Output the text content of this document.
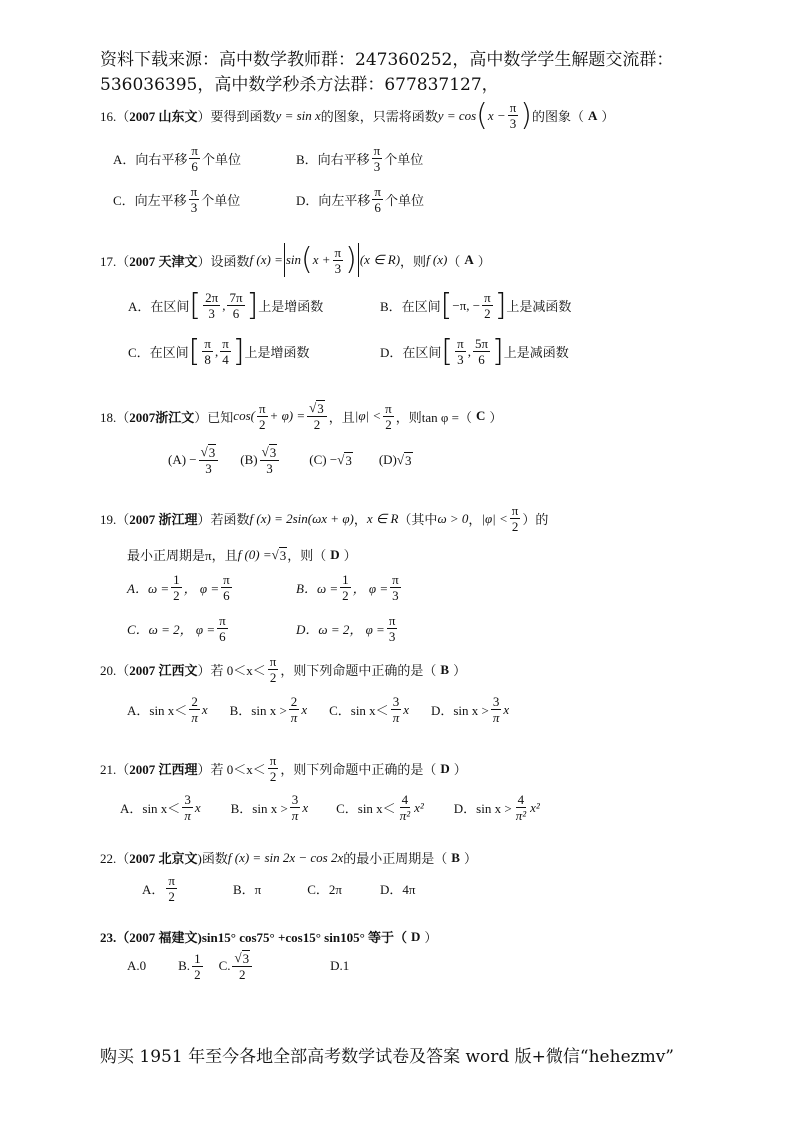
资料下载来源：高中数学教师群：247360252，高中数学学生解题交流群：
536036395，高中数学秒杀方法群：677837127，
16.（ 2007 山东文 ）要得到函数 y = sin x 的图象，只需将函数 y = cos ( $x - \frac{\pi}{3}$ ) 的图象（ A ）
A．向右平移 $\frac{\pi}{6}$ 个单位	B．向右平移 $\frac{\pi}{3}$ 个单位
C．向左平移 $\frac{\pi}{3}$ 个单位	D．向左平移 $\frac{\pi}{6}$ 个单位
17.（ 2007 天津文 ）设函数 f (x) = sin ( $x + \frac{\pi}{3}$ ) (x ∈ R) ，则 f (x) （ A ）
A．在区间 [ $\frac{2\pi}{3}$ , $\frac{7\pi}{6}$ ] 上是增函数	B．在区间 [ −π, − $\frac{\pi}{2}$ ] 上是减函数
C．在区间 [ $\frac{\pi}{8}$ , $\frac{\pi}{4}$ ] 上是增函数	D．在区间 [ $\frac{\pi}{3}$ , $\frac{5\pi}{6}$ ] 上是减函数
18.（ 2007浙江文 ）已知 $\cos( \frac{\pi}{2} + \varphi) = \frac{√ 3}{2}$ ，且 $|\varphi| < \frac{\pi}{2}$ ，则tan φ =（ C ）
$(A) - \frac{√ 3}{3} (B) \frac{√ 3}{3} (C)$ − √ 3 (D) √ 3
19.（ 2007 浙江理 ）若函数 f (x) = 2sin(ωx + φ) ， x ∈ R （其中 ω > 0 ， $|\varphi| < \frac{\pi}{2}$ ）的
最小正周期是π，且 f (0) = √ 3 ，则（ D ）
A．$\omega = \frac{1}{2}$ ， $\varphi = \frac{\pi}{6}$	B．$\omega = \frac{1}{2}$ ， $\varphi = \frac{\pi}{3}$
C．ω = 2， $\varphi = \frac{\pi}{6}$	D．ω = 2， $\varphi = \frac{\pi}{3}$
20.（ 2007 江西文 ）若 $0<x< \frac{\pi}{2}$ ，则下列命题中正确的是（ B ）
A．$\sin x< \frac{2}{\pi}$ x B．$\sin x > \frac{2}{\pi}$ x C．$\sin x< \frac{3}{\pi}$ x D．$\sin x > \frac{3}{\pi}$ x
21.（ 2007 江西理 ）若 $0<x< \frac{\pi}{2}$ ，则下列命题中正确的是（ D ）
A．$\sin x< \frac{3}{\pi}$ x B．$\sin x > \frac{3}{\pi}$ x C．$\sin x< \frac{4}{\text{π²}} x^2$ D．$\sin x > \frac{4}{\text{π²}} x^2$
22.（ 2007 北京文 )函数 f (x) = sin 2x − cos 2x 的最小正周期是（ B ）
A． $\frac{\pi}{2}$	B．π	C．2π	D．4π
23.（ 2007 福建文 )sin15° cos75° +cos15° sin105° 等于（ D ）
A.0 B. $\frac{1}{2} C$. $\frac{√ 3}{2}$	D.1
购买 1951 年至今各地全部高考数学试卷及答案 word 版+微信“hehezmv”
